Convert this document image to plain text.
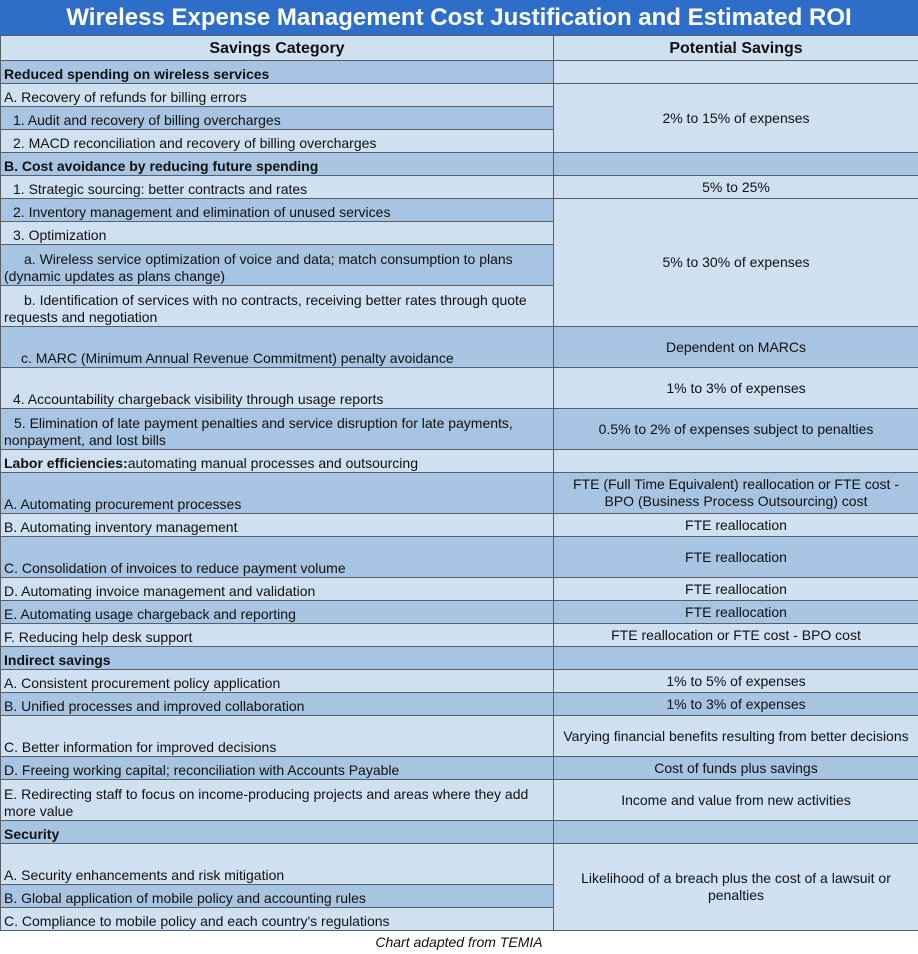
Wireless Expense Management Cost Justification and Estimated ROI
Savings Category	Potential Savings
Reduced spending on wireless services	
A. Recovery of refunds for billing errors	2% to 15% of expenses
1. Audit and recovery of billing overcharges	
2. MACD reconciliation and recovery of billing overcharges	
B. Cost avoidance by reducing future spending	
1. Strategic sourcing: better contracts and rates	5% to 25%
2. Inventory management and elimination of unused services	5% to 30% of expenses
3. Optimization	
a. Wireless service optimization of voice and data; match consumption to plans (dynamic updates as plans change)	
b. Identification of services with no contracts, receiving better rates through quote requests and negotiation	
c. MARC (Minimum Annual Revenue Commitment) penalty avoidance	Dependent on MARCs
4. Accountability chargeback visibility through usage reports	1% to 3% of expenses
5. Elimination of late payment penalties and service disruption for late payments, nonpayment, and lost bills	0.5% to 2% of expenses subject to penalties
Labor efficiencies:automating manual processes and outsourcing	
A. Automating procurement processes	FTE (Full Time Equivalent) reallocation or FTE cost - BPO (Business Process Outsourcing) cost
B. Automating inventory management	FTE reallocation
C. Consolidation of invoices to reduce payment volume	FTE reallocation
D. Automating invoice management and validation	FTE reallocation
E. Automating usage chargeback and reporting	FTE reallocation
F. Reducing help desk support	FTE reallocation or FTE cost - BPO cost
Indirect savings	
A. Consistent procurement policy application	1% to 5% of expenses
B. Unified processes and improved collaboration	1% to 3% of expenses
C. Better information for improved decisions	Varying financial benefits resulting from better decisions
D. Freeing working capital; reconciliation with Accounts Payable	Cost of funds plus savings
E. Redirecting staff to focus on income-producing projects and areas where they add more value	Income and value from new activities
Security	
A. Security enhancements and risk mitigation	Likelihood of a breach plus the cost of a lawsuit or penalties
B. Global application of mobile policy and accounting rules	
C. Compliance to mobile policy and each country's regulations	
Chart adapted from TEMIA
